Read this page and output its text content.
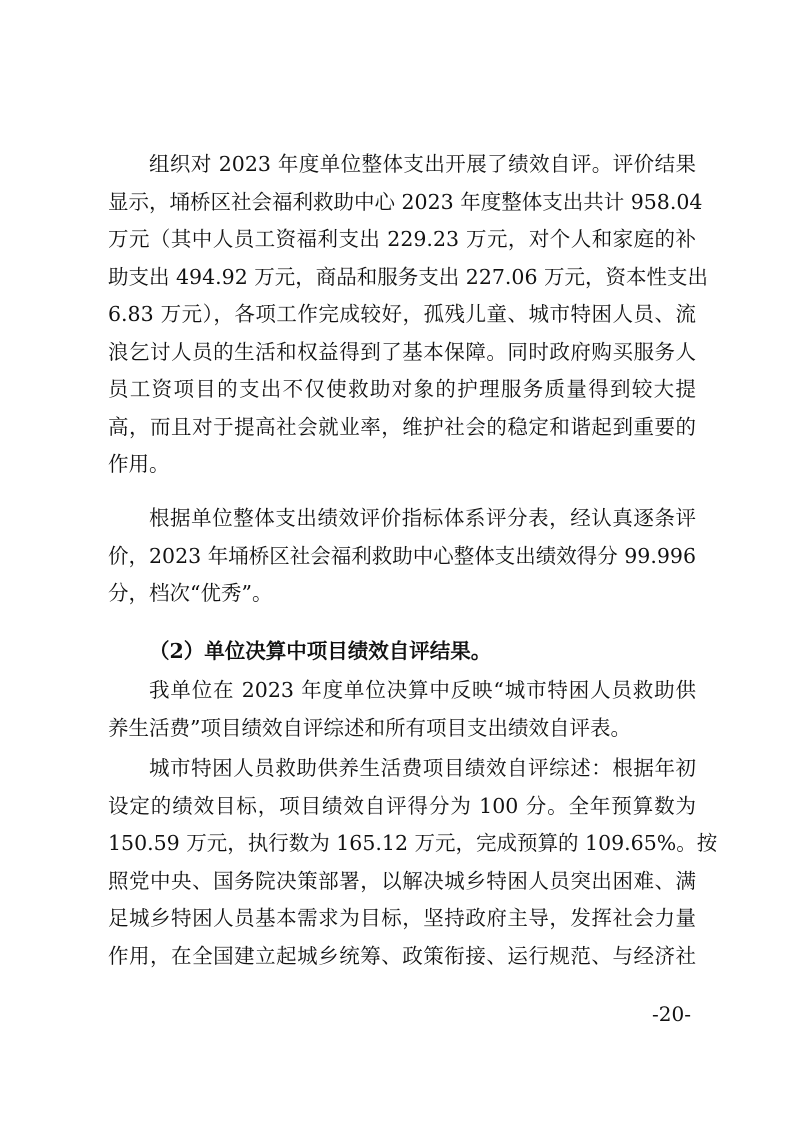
组织对 2023 年度单位整体支出开展了绩效自评。评价结果
显示，埇桥区社会福利救助中心 2023 年度整体支出共计 958.04
万元（其中人员工资福利支出 229.23 万元，对个人和家庭的补
助支出 494.92 万元，商品和服务支出 227.06 万元，资本性支出
6.83 万元），各项工作完成较好，孤残儿童、城市特困人员、流
浪乞讨人员的生活和权益得到了基本保障。同时政府购买服务人
员工资项目的支出不仅使救助对象的护理服务质量得到较大提
高，而且对于提高社会就业率，维护社会的稳定和谐起到重要的
作用。
根据单位整体支出绩效评价指标体系评分表，经认真逐条评
价，2023 年埇桥区社会福利救助中心整体支出绩效得分 99.996
分，档次“优秀”。
（2）单位决算中项目绩效自评结果。
我单位在 2023 年度单位决算中反映“城市特困人员救助供
养生活费”项目绩效自评综述和所有项目支出绩效自评表。
城市特困人员救助供养生活费项目绩效自评综述：根据年初
设定的绩效目标，项目绩效自评得分为 100 分。全年预算数为
150.59 万元，执行数为 165.12 万元，完成预算的 109.65%。按
照党中央、国务院决策部署，以解决城乡特困人员突出困难、满
足城乡特困人员基本需求为目标，坚持政府主导，发挥社会力量
作用，在全国建立起城乡统筹、政策衔接、运行规范、与经济社
-20-
